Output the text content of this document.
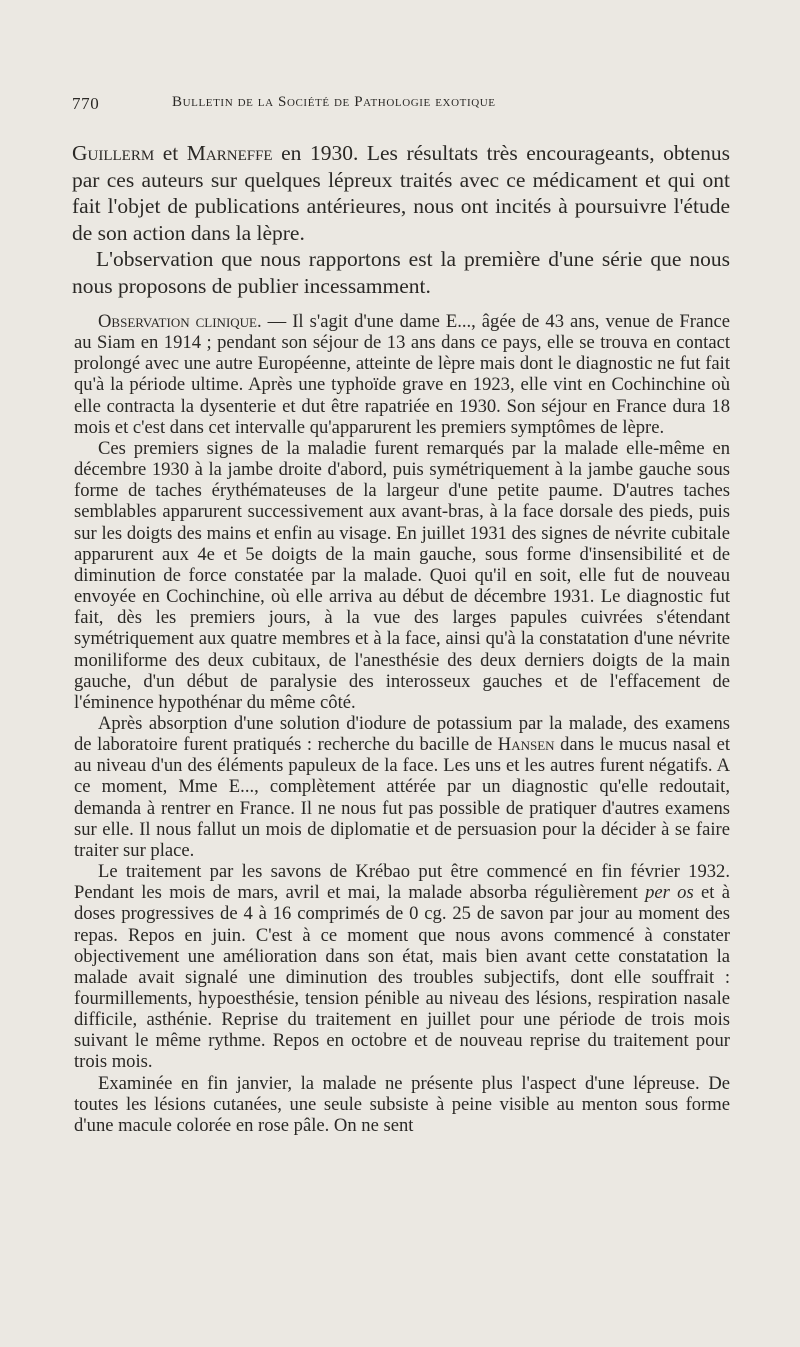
770	Bulletin de la Société de Pathologie exotique

Guillerm et Marneffe en 1930. Les résultats très encourageants, obtenus par ces auteurs sur quelques lépreux traités avec ce médicament et qui ont fait l'objet de publications antérieures, nous ont incités à poursuivre l'étude de son action dans la lèpre.

L'observation que nous rapportons est la première d'une série que nous nous proposons de publier incessamment.

Observation clinique. — Il s'agit d'une dame E..., âgée de 43 ans, venue de France au Siam en 1914 ; pendant son séjour de 13 ans dans ce pays, elle se trouva en contact prolongé avec une autre Européenne, atteinte de lèpre mais dont le diagnostic ne fut fait qu'à la période ultime. Après une typhoïde grave en 1923, elle vint en Cochinchine où elle contracta la dysenterie et dut être rapatriée en 1930. Son séjour en France dura 18 mois et c'est dans cet intervalle qu'apparurent les premiers symptômes de lèpre.

Ces premiers signes de la maladie furent remarqués par la malade elle-même en décembre 1930 à la jambe droite d'abord, puis symétriquement à la jambe gauche sous forme de taches érythémateuses de la largeur d'une petite paume. D'autres taches semblables apparurent successivement aux avant-bras, à la face dorsale des pieds, puis sur les doigts des mains et enfin au visage. En juillet 1931 des signes de névrite cubitale apparurent aux 4e et 5e doigts de la main gauche, sous forme d'insensibilité et de diminution de force constatée par la malade. Quoi qu'il en soit, elle fut de nouveau envoyée en Cochinchine, où elle arriva au début de décembre 1931. Le diagnostic fut fait, dès les premiers jours, à la vue des larges papules cuivrées s'étendant symétriquement aux quatre membres et à la face, ainsi qu'à la constatation d'une névrite moniliforme des deux cubitaux, de l'anesthésie des deux derniers doigts de la main gauche, d'un début de paralysie des interosseux gauches et de l'effacement de l'éminence hypothénar du même côté.

Après absorption d'une solution d'iodure de potassium par la malade, des examens de laboratoire furent pratiqués : recherche du bacille de Hansen dans le mucus nasal et au niveau d'un des éléments papuleux de la face. Les uns et les autres furent négatifs. A ce moment, Mme E..., complètement attérée par un diagnostic qu'elle redoutait, demanda à rentrer en France. Il ne nous fut pas possible de pratiquer d'autres examens sur elle. Il nous fallut un mois de diplomatie et de persuasion pour la décider à se faire traiter sur place.

Le traitement par les savons de Krébao put être commencé en fin février 1932. Pendant les mois de mars, avril et mai, la malade absorba régulièrement per os et à doses progressives de 4 à 16 comprimés de 0 cg. 25 de savon par jour au moment des repas. Repos en juin. C'est à ce moment que nous avons commencé à constater objectivement une amélioration dans son état, mais bien avant cette constatation la malade avait signalé une diminution des troubles subjectifs, dont elle souffrait : fourmillements, hypoesthésie, tension pénible au niveau des lésions, respiration nasale difficile, asthénie. Reprise du traitement en juillet pour une période de trois mois suivant le même rythme. Repos en octobre et de nouveau reprise du traitement pour trois mois.

Examinée en fin janvier, la malade ne présente plus l'aspect d'une lépreuse. De toutes les lésions cutanées, une seule subsiste à peine visible au menton sous forme d'une macule colorée en rose pâle. On ne sent
